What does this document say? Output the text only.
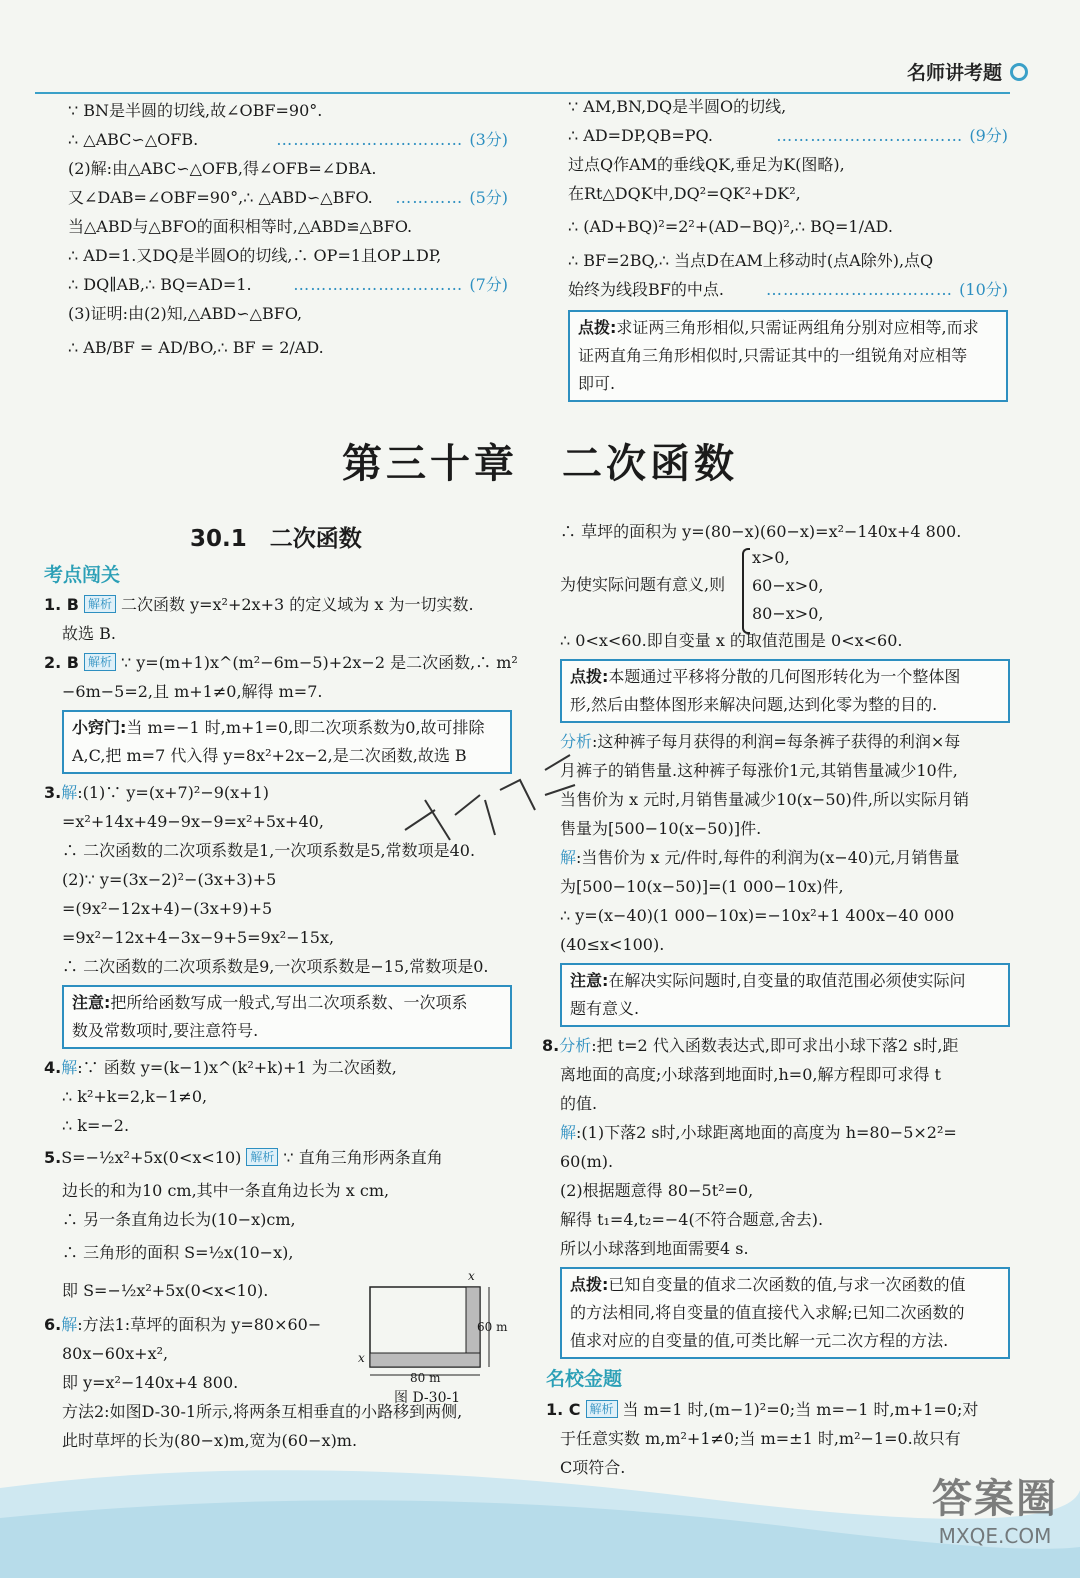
名师讲考题
∵ BN是半圆的切线,故∠OBF=90°.
∴ △ABC∽△OFB.	…………………………… (3分)
(2)解:由△ABC∽△OFB,得∠OFB=∠DBA.
又∠DAB=∠OBF=90°,∴ △ABD∽△BFO. ………… (5分)
当△ABD与△BFO的面积相等时,△ABD≌△BFO.
∴ AD=1.又DQ是半圆O的切线,∴ OP=1且OP⊥DP,
∴ DQ∥AB,∴ BQ=AD=1.	………………………… (7分)
(3)证明:由(2)知,△ABD∽△BFO,
∴ AB/BF = AD/BO,∴ BF = 2/AD.
∵ AM,BN,DQ是半圆O的切线,
∴ AD=DP,QB=PQ.	…………………………… (9分)
过点Q作AM的垂线QK,垂足为K(图略),
在Rt△DQK中,DQ²=QK²+DK²,
∴ (AD+BQ)²=2²+(AD−BQ)²,∴ BQ=1/AD.
∴ BF=2BQ,∴ 当点D在AM上移动时(点A除外),点Q
始终为线段BF的中点.	…………………………… (10分)
点拨:求证两三角形相似,只需证两组角分别对应相等,而求
证两直角三角形相似时,只需证其中的一组锐角对应相等
即可.
第三十章　二次函数
30.1　二次函数
考点闯关
1. B 解析 二次函数 y=x²+2x+3 的定义域为 x 为一切实数.
故选 B.
2. B 解析 ∵ y=(m+1)x^(m²−6m−5)+2x−2 是二次函数,∴ m²
−6m−5=2,且 m+1≠0,解得 m=7.
小窍门:当 m=−1 时,m+1=0,即二次项系数为0,故可排除
A,C,把 m=7 代入得 y=8x²+2x−2,是二次函数,故选 B
3.解:(1)∵ y=(x+7)²−9(x+1)
=x²+14x+49−9x−9=x²+5x+40,
∴ 二次函数的二次项系数是1,一次项系数是5,常数项是40.
(2)∵ y=(3x−2)²−(3x+3)+5
=(9x²−12x+4)−(3x+9)+5
=9x²−12x+4−3x−9+5=9x²−15x,
∴ 二次函数的二次项系数是9,一次项系数是−15,常数项是0.
注意:把所给函数写成一般式,写出二次项系数、一次项系
数及常数项时,要注意符号.
4.解:∵ 函数 y=(k−1)x^(k²+k)+1 为二次函数,
∴ k²+k=2,k−1≠0,
∴ k=−2.
5.S=−½x²+5x(0<x<10) 解析 ∵ 直角三角形两条直角
边长的和为10 cm,其中一条直角边长为 x cm,
∴ 另一条直角边长为(10−x)cm,
∴ 三角形的面积 S=½x(10−x),
即 S=−½x²+5x(0<x<10).
6.解:方法1:草坪的面积为 y=80×60−
80x−60x+x²,
即 y=x²−140x+4 800.
方法2:如图D-30-1所示,将两条互相垂直的小路移到两侧,
此时草坪的长为(80−x)m,宽为(60−x)m.
60 m
80 m
x
x
图 D-30-1
∴ 草坪的面积为 y=(80−x)(60−x)=x²−140x+4 800.
为使实际问题有意义,则
∴ 0<x<60.即自变量 x 的取值范围是 0<x<60.
点拨:本题通过平移将分散的几何图形转化为一个整体图
形,然后由整体图形来解决问题,达到化零为整的目的.
分析:这种裤子每月获得的利润=每条裤子获得的利润×每
月裤子的销售量.这种裤子每涨价1元,其销售量减少10件,
当售价为 x 元时,月销售量减少10(x−50)件,所以实际月销
售量为[500−10(x−50)]件.
解:当售价为 x 元/件时,每件的利润为(x−40)元,月销售量
为[500−10(x−50)]=(1 000−10x)件,
∴ y=(x−40)(1 000−10x)=−10x²+1 400x−40 000
(40≤x<100).
注意:在解决实际问题时,自变量的取值范围必须使实际问
题有意义.
8.分析:把 t=2 代入函数表达式,即可求出小球下落2 s时,距
离地面的高度;小球落到地面时,h=0,解方程即可求得 t
的值.
解:(1)下落2 s时,小球距离地面的高度为 h=80−5×2²=
60(m).
(2)根据题意得 80−5t²=0,
解得 t₁=4,t₂=−4(不符合题意,舍去).
所以小球落到地面需要4 s.
点拨:已知自变量的值求二次函数的值,与求一次函数的值
的方法相同,将自变量的值直接代入求解;已知二次函数的
值求对应的自变量的值,可类比解一元二次方程的方法.
名校金题
1. C 解析 当 m=1 时,(m−1)²=0;当 m=−1 时,m+1=0;对
于任意实数 m,m²+1≠0;当 m=±1 时,m²−1=0.故只有
C项符合.
x>0,
60−x>0,
80−x>0,
答案圈
MXQE.COM
